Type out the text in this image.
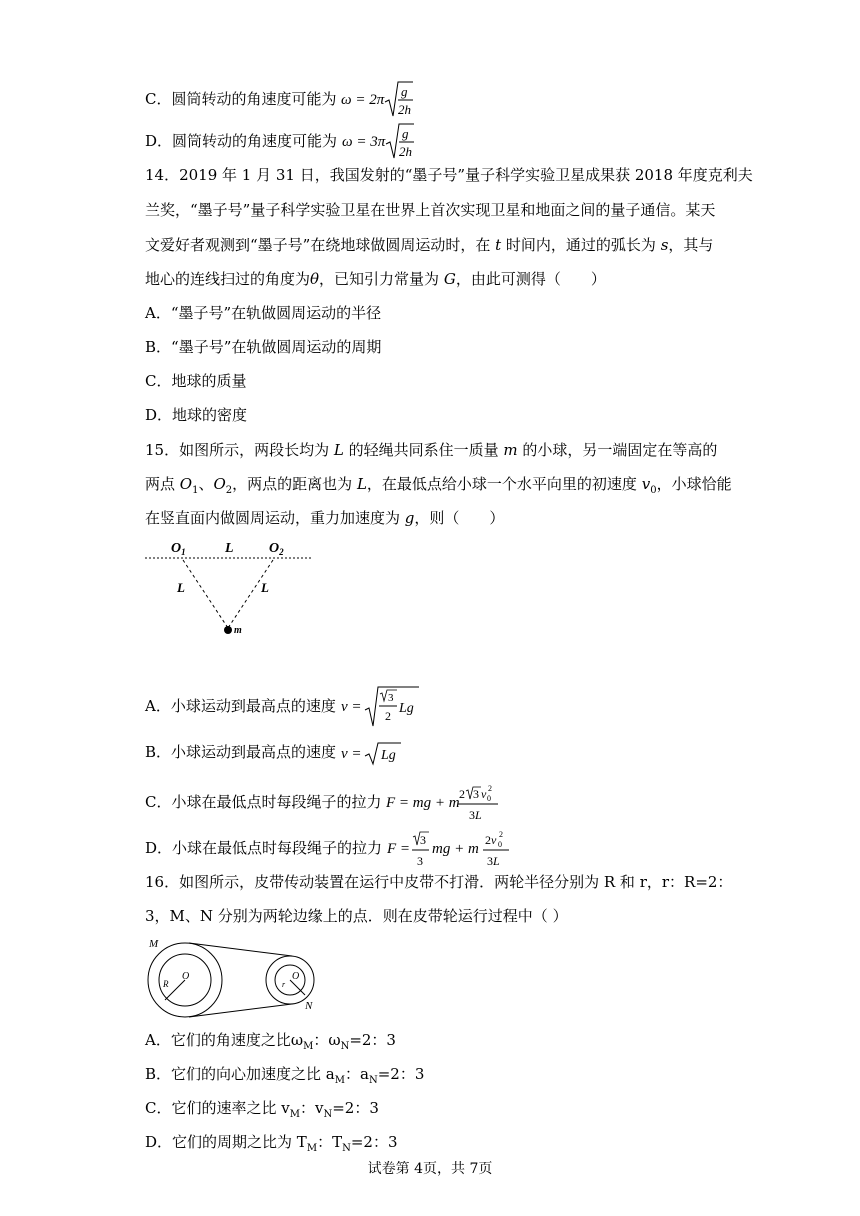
C．圆筒转动的角速度可能为 ω = 2π
g
2h
D．圆筒转动的角速度可能为 ω = 3π
g
2h
14．2019 年 1 月 31 日，我国发射的“墨子号”量子科学实验卫星成果获 2018 年度克利夫
兰奖，“墨子号”量子科学实验卫星在世界上首次实现卫星和地面之间的量子通信。某天
文爱好者观测到“墨子号”在绕地球做圆周运动时，在 t 时间内，通过的弧长为 s，其与
地心的连线扫过的角度为θ，已知引力常量为 G，由此可测得（　　）
A．“墨子号”在轨做圆周运动的半径
B．“墨子号”在轨做圆周运动的周期
C．地球的质量
D．地球的密度
15．如图所示，两段长均为 L 的轻绳共同系住一质量 m 的小球，另一端固定在等高的
两点 $O_1$、$O_2$，两点的距离也为 L，在最低点给小球一个水平向里的初速度 $v_0$，小球恰能
在竖直面内做圆周运动，重力加速度为 g，则（　　）
$O_1$	L	$O_2$
L	L
m
A．小球运动到最高点的速度 v =
3
2 Lg
B．小球运动到最高点的速度 v = Lg
C．小球在最低点时每段绳子的拉力 F = mg + m
2 3 v 0
2
3L
D．小球在最低点时每段绳子的拉力 F =
3
3
mg + m
2v 0
2
3L
16．如图所示，皮带传动装置在运行中皮带不打滑．两轮半径分别为 R 和 r，r：R=2：
3，M、N 分别为两轮边缘上的点．则在皮带轮运行过程中（ ）
M
O
R
O
r
N
A．它们的角速度之比$\omega_M$：$\omega_N=2$：3
B．它们的向心加速度之比 $a_M$：$a_N=2$：3
C．它们的速率之比 $v_M$：$v_N=2$：3
D．它们的周期之比为 $T_M$：$T_N=2$：3
试卷第 4页，共 7页
